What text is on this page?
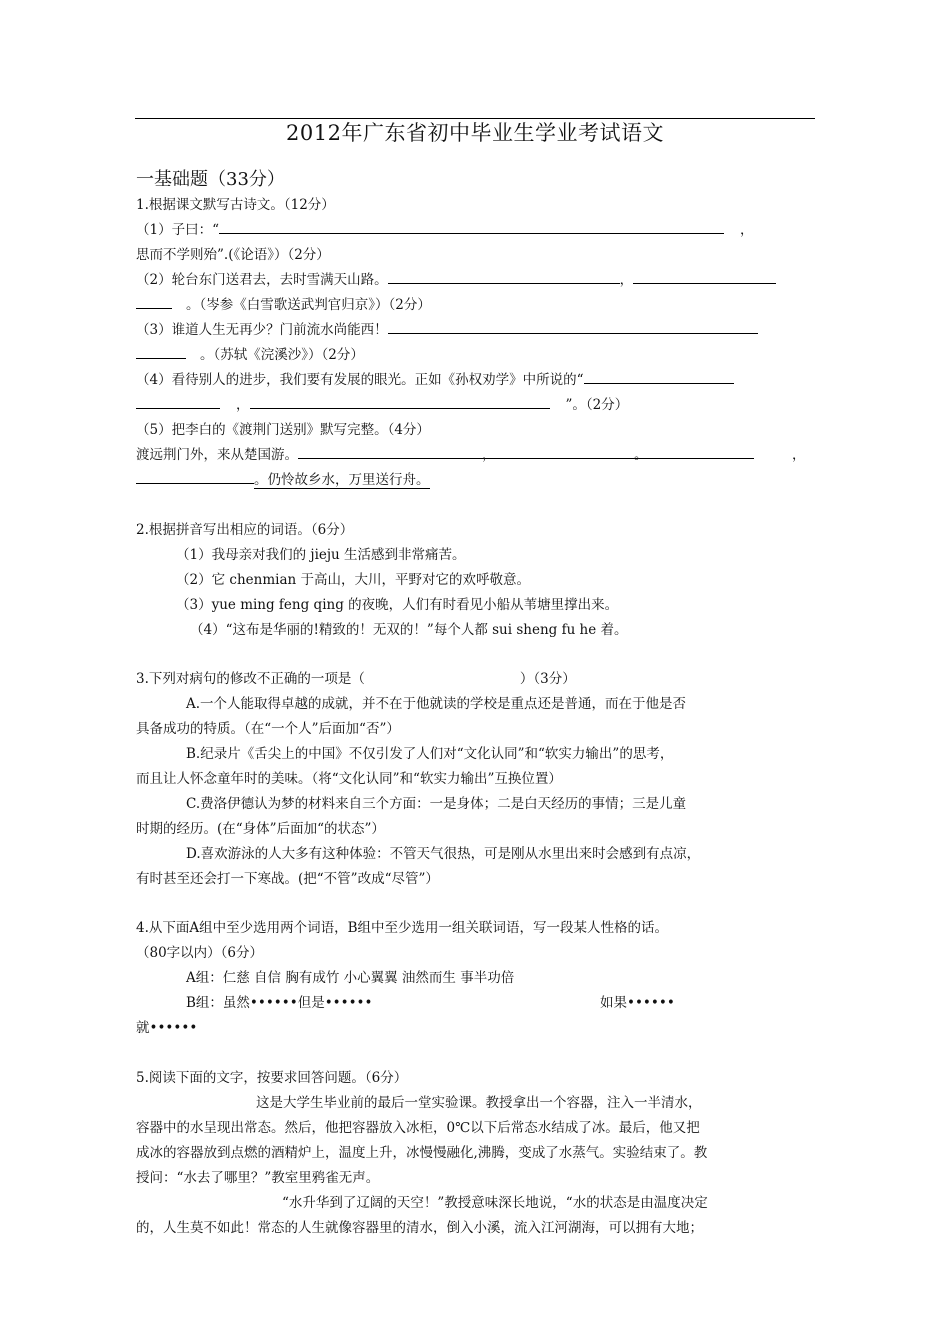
2012年广东省初中毕业生学业考试语文
一基础题（33分）
1.根据课文默写古诗文。（12分）
（1）子曰：“	，
思而不学则殆”.(《论语》）（2分）
（2）轮台东门送君去，去时雪满天山路。	，
。（岑参《白雪歌送武判官归京》）（2分）
（3）谁道人生无再少？门前流水尚能西！
。（苏轼《浣溪沙》）（2分）
（4）看待别人的进步，我们要有发展的眼光。正如《孙权劝学》中所说的“
，	”。（2分）
（5）把李白的《渡荆门送别》默写完整。（4分）
渡远荆门外，来从楚国游。	，	。	，
。仍怜故乡水，万里送行舟。
2.根据拼音写出相应的词语。（6分）
（1）我母亲对我们的 jieju 生活感到非常痛苦。
（2）它 chenmian 于高山，大川，平野对它的欢呼敬意。
（3）yue ming feng qing 的夜晚，人们有时看见小船从苇塘里撑出来。
（4）“这布是华丽的!精致的！无双的！”每个人都 sui sheng fu he 着。
3.下列对病句的修改不正确的一项是（	）（3分）
A.一个人能取得卓越的成就，并不在于他就读的学校是重点还是普通，而在于他是否
具备成功的特质。（在“一个人”后面加“否”）
B.纪录片《舌尖上的中国》不仅引发了人们对“文化认同”和“软实力输出”的思考，
而且让人怀念童年时的美味。（将“文化认同”和“软实力输出”互换位置）
C.费洛伊德认为梦的材料来自三个方面：一是身体；二是白天经历的事情；三是儿童
时期的经历。(在“身体”后面加“的状态”）
D.喜欢游泳的人大多有这种体验：不管天气很热，可是刚从水里出来时会感到有点凉，
有时甚至还会打一下寒战。(把“不管”改成“尽管”）
4.从下面A组中至少选用两个词语，B组中至少选用一组关联词语，写一段某人性格的话。
（80字以内）（6分）
A组：仁慈 自信 胸有成竹 小心翼翼 油然而生 事半功倍
B组：虽然••••••但是••••••	如果••••••
就••••••
5.阅读下面的文字，按要求回答问题。（6分）
这是大学生毕业前的最后一堂实验课。教授拿出一个容器，注入一半清水，
容器中的水呈现出常态。然后，他把容器放入冰柜，0℃以下后常态水结成了冰。最后，他又把
成冰的容器放到点燃的酒精炉上，温度上升，冰慢慢融化,沸腾，变成了水蒸气。实验结束了。教
授问：“水去了哪里？”教室里鸦雀无声。
“水升华到了辽阔的天空！”教授意味深长地说，“水的状态是由温度决定
的，人生莫不如此！常态的人生就像容器里的清水，倒入小溪，流入江河湖海，可以拥有大地；
